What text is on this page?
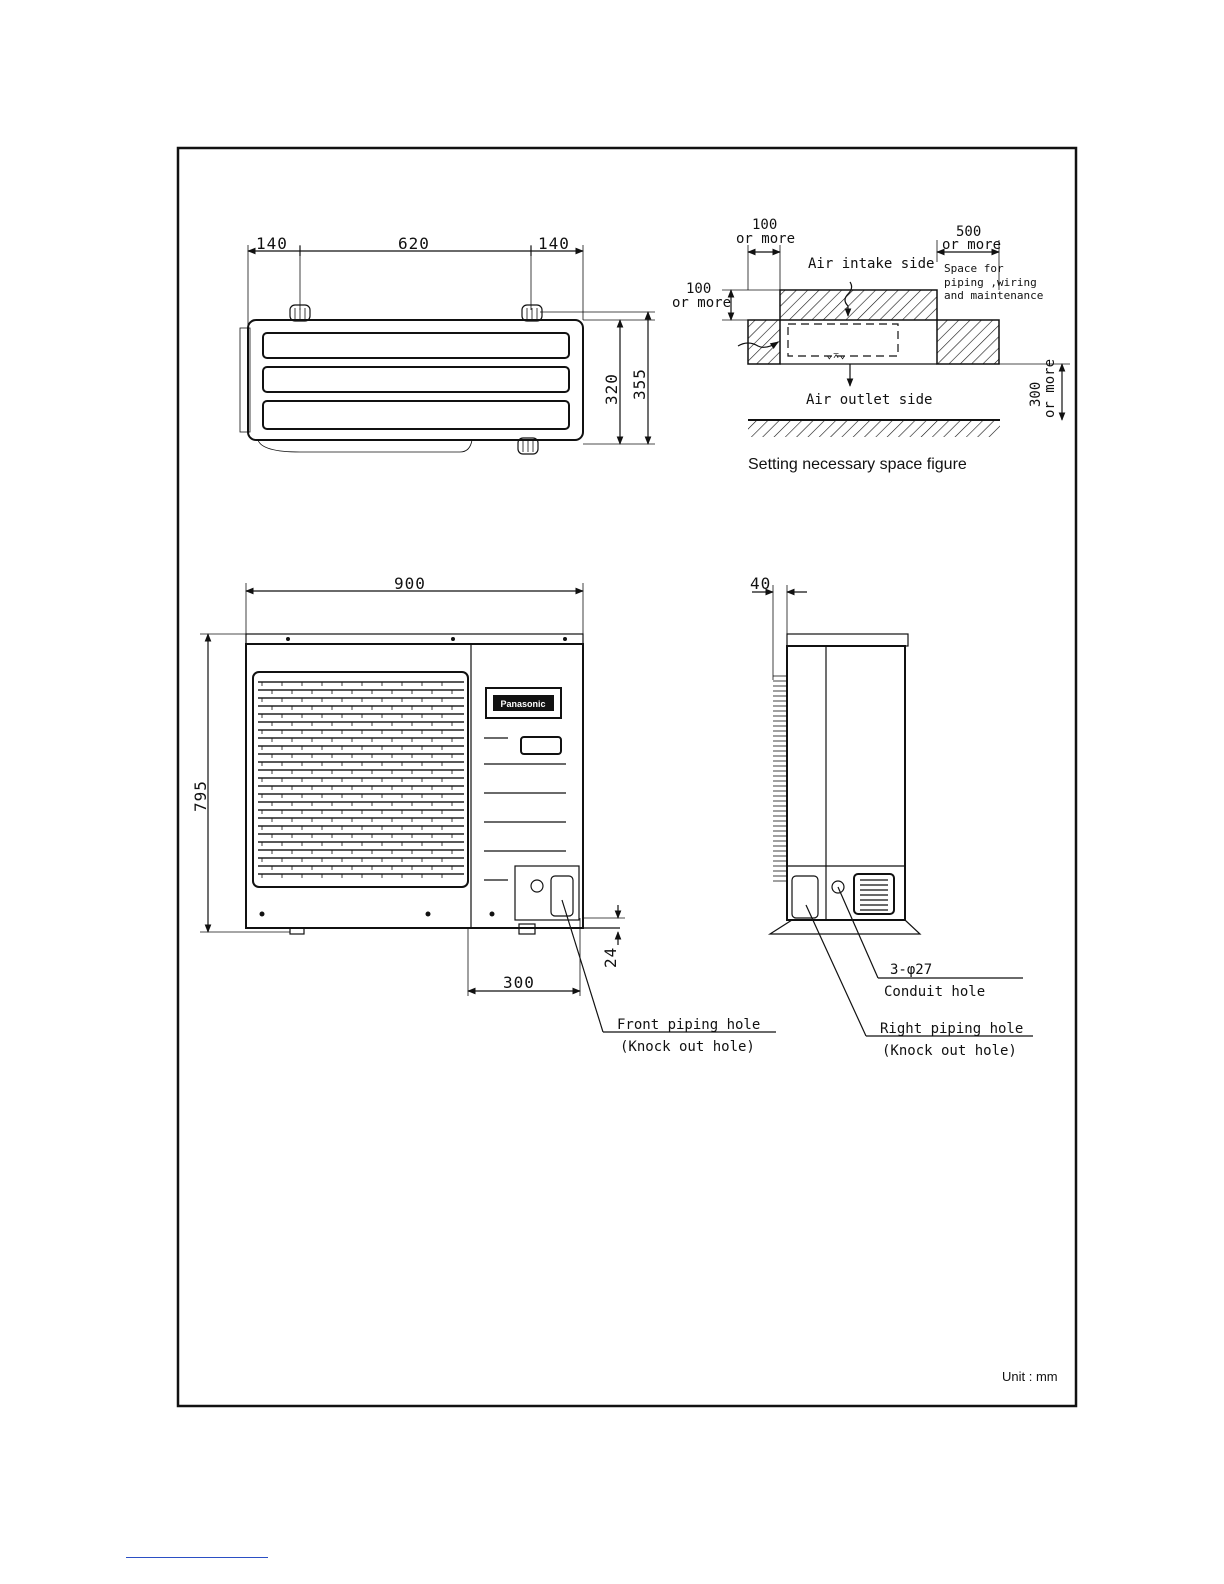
140	620	140
320 355
100
or more	500
or more
Air intake side Space for
piping ,wiring
and maintenance
100
or more
⌄⌅⌄
Air outlet side	300
or more
Setting necessary space figure
900
795
Panasonic
24
300
Front piping hole
(Knock out hole)
40
3-φ27
Conduit hole
Right piping hole
(Knock out hole)
Unit : mm
